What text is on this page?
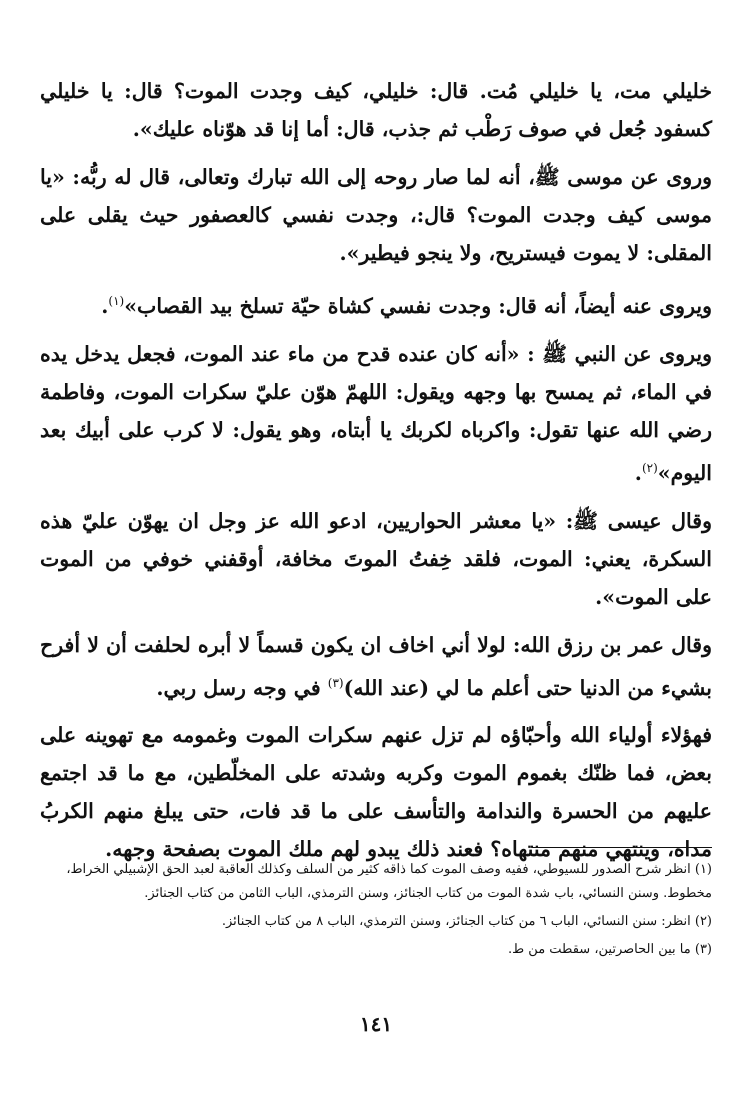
خليلي مت، يا خليلي مُت. قال: خليلي، كيف وجدت الموت؟ قال: يا خليلي كسفود جُعل في صوف رَطْب ثم جذب، قال: أما إنا قد هوّناه عليك».

وروى عن موسى ﷺ، أنه لما صار روحه إلى الله تبارك وتعالى، قال له ربُّه: «يا موسى كيف وجدت الموت؟ قال:، وجدت نفسي كالعصفور حيث يقلى على المقلى: لا يموت فيستريح، ولا ينجو فيطير».

ويروى عنه أيضاً، أنه قال: وجدت نفسي كشاة حيّة تسلخ بيد القصاب»$^{(١)}$.

ويروى عن النبي ﷺ : «أنه كان عنده قدح من ماء عند الموت، فجعل يدخل يده في الماء، ثم يمسح بها وجهه ويقول: اللهمّ هوّن عليّ سكرات الموت، وفاطمة رضي الله عنها تقول: واكرباه لكربك يا أبتاه، وهو يقول: لا كرب على أبيك بعد اليوم»$^{(٢)}$.

وقال عيسى ﷺ: «يا معشر الحواريين، ادعو الله عز وجل ان يهوّن عليّ هذه السكرة، يعني: الموت، فلقد خِفتُ الموتَ مخافة، أوقفني خوفي من الموت على الموت».

وقال عمر بن رزق الله: لولا أني اخاف ان يكون قسماً لا أبره لحلفت أن لا أفرح بشيء من الدنيا حتى أعلم ما لي (عند الله)$^{(٣)}$ في وجه رسل ربي.

فهؤلاء أولياء الله وأحبّاؤه لم تزل عنهم سكرات الموت وغمومه مع تهوينه على بعض، فما ظنّك بغموم الموت وكربه وشدته على المخلّطين، مع ما قد اجتمع عليهم من الحسرة والندامة والتأسف على ما قد فات، حتى يبلغ منهم الكربُ مداه، وينتهي منهم منتهاه؟ فعند ذلك يبدو لهم ملك الموت بصفحة وجهه.

(١) انظر شرح الصدور للسيوطي، ففيه وصف الموت كما ذاقه كثير من السلف وكذلك العاقبة لعبد الحق الإشبيلي الخراط، مخطوط. وسنن النسائي، باب شدة الموت من كتاب الجنائز، وسنن الترمذي، الباب الثامن من كتاب الجنائز.

(٢) انظر: سنن النسائي، الباب ٦ من كتاب الجنائز، وسنن الترمذي، الباب ٨ من كتاب الجنائز.

(٣) ما بين الحاصرتين، سقطت من ط.

١٤١
